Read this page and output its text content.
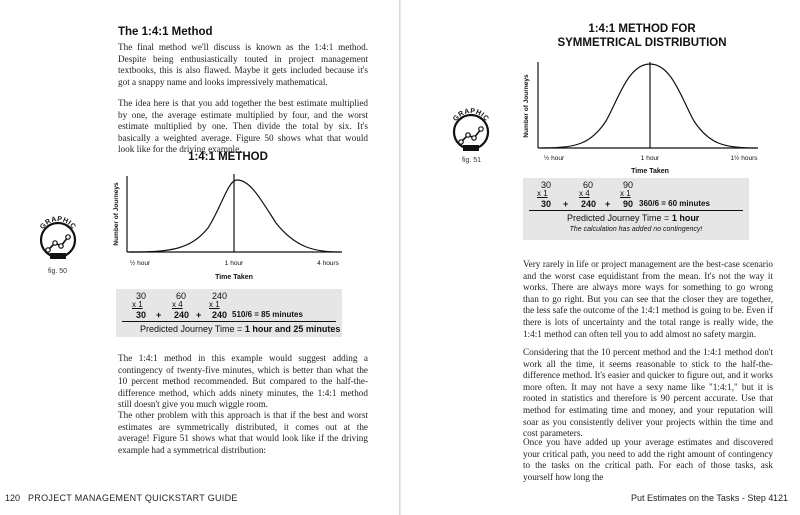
The 1:4:1 Method
The final method we'll discuss is known as the 1:4:1 method. Despite being enthusiastically touted in project management textbooks, this is also flawed. Maybe it gets included because it's got a snappy name and looks impressively mathematical.
The idea here is that you add together the best estimate multiplied by one, the average estimate multiplied by four, and the worst estimate multiplied by one. Then divide the total by six. It's basically a weighted average. Figure 50 shows what that would look like for the driving example.
1:4:1 METHOD
GRAPHIC
fig. 50
Number of Journeys
½ hour	1 hour	4 hours
Time Taken
30	60	240
x 1	x 4	x 1
30 + 240 + 240 510/6 = 85 minutes
Predicted Journey Time = 1 hour and 25 minutes
The 1:4:1 method in this example would suggest adding a contingency of twenty-five minutes, which is better than what the 10 percent method recommended. But compared to the half-the-difference method, which adds ninety minutes, the 1:4:1 method still doesn't give you much wiggle room.
The other problem with this approach is that if the best and worst estimates are symmetrically distributed, it comes out at the average! Figure 51 shows what that would look like if the driving example had a symmetrical distribution:
120 PROJECT MANAGEMENT QUICKSTART GUIDE
1:4:1 METHOD FOR
SYMMETRICAL DISTRIBUTION
GRAPHIC
fig. 51
Number of Journeys
½ hour	1 hour	1½ hours
Time Taken
30	60	90
x 1	x 4	x 1
30 + 240 + 90 360/6 = 60 minutes
Predicted Journey Time = 1 hour
The calculation has added no contingency!
Very rarely in life or project management are the best-case scenario and the worst case equidistant from the mean. It's not the way it works. There are always more ways for something to go wrong than to go right. But you can see that the closer they are together, the less safe the outcome of the 1:4:1 method is going to be. Even if there is lots of uncertainty and the total range is really wide, the 1:4:1 method can often tell you to add almost no safety margin.
Considering that the 10 percent method and the 1:4:1 method don't work all the time, it seems reasonable to stick to the half-the-difference method. It's easier and quicker to figure out, and it works more often. It may not have a sexy name like "1:4:1," but it is rooted in statistics and therefore is 90 percent accurate. Use that method for estimating time and money, and your reputation will soar as you consistently deliver your projects within the time and cost parameters.
Once you have added up your average estimates and discovered your critical path, you need to add the right amount of contingency to the tasks on the critical path. For each of those tasks, ask yourself how long the
Put Estimates on the Tasks - Step 4 121
